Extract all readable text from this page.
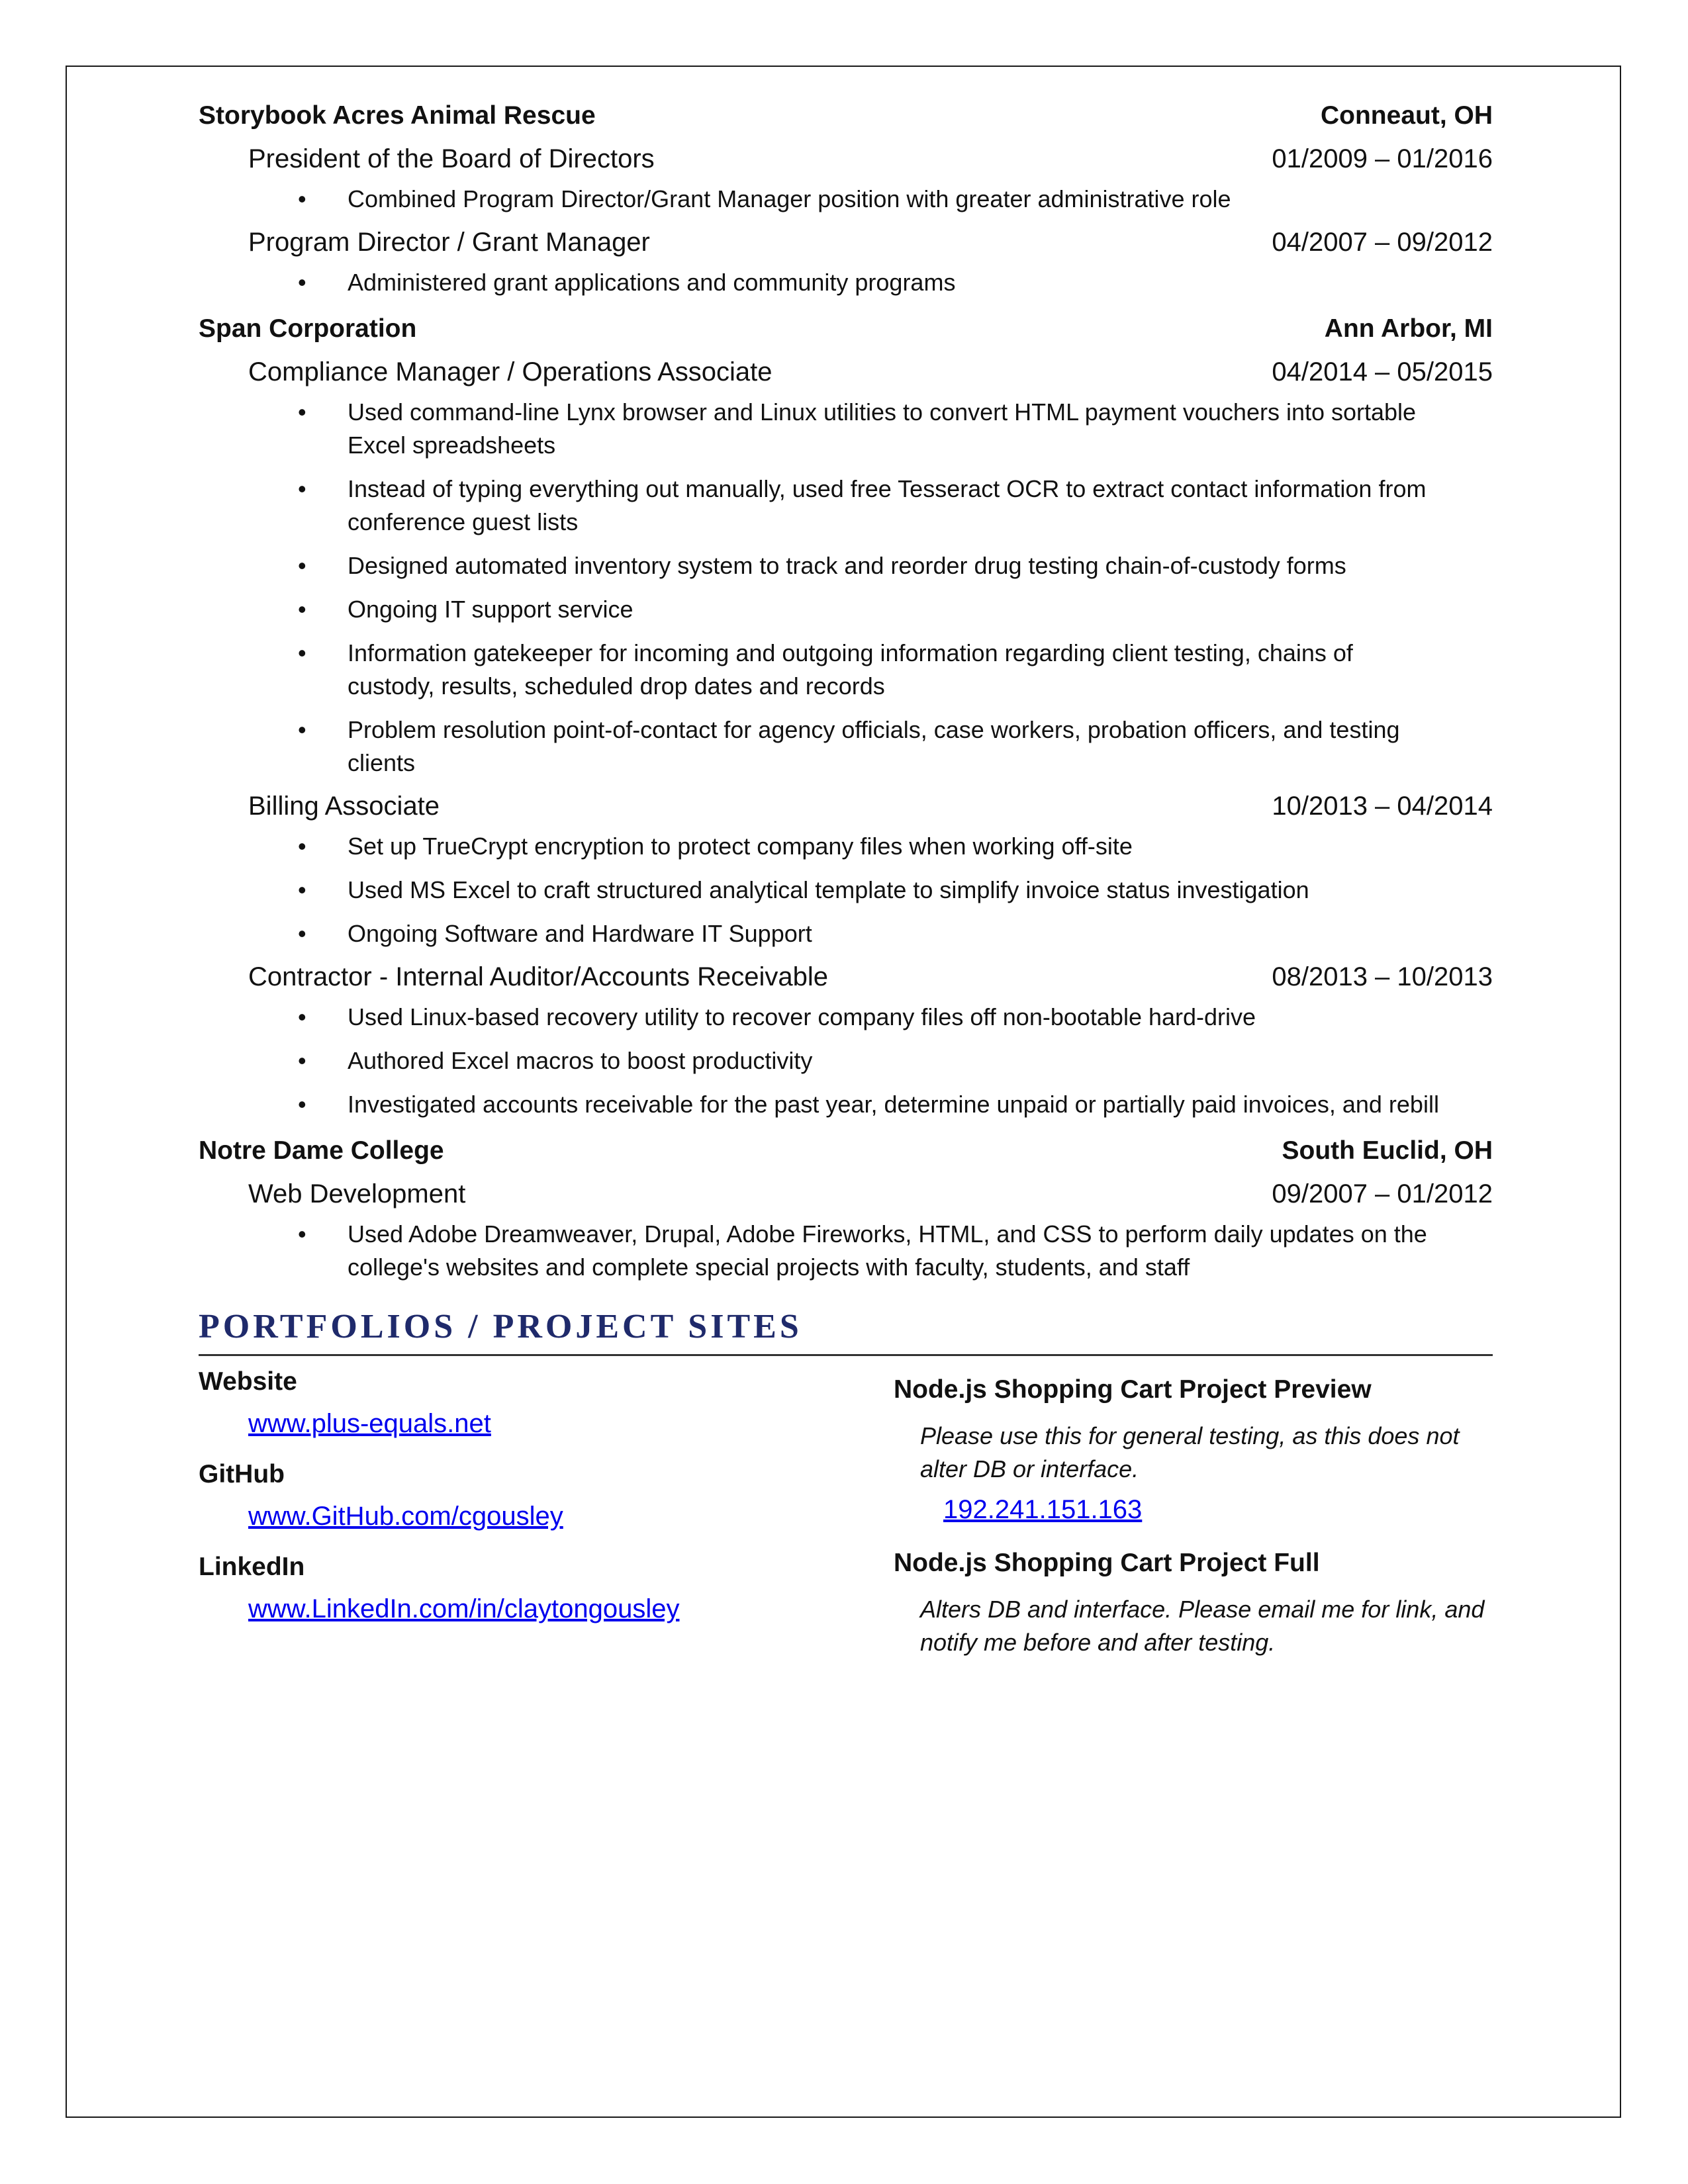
Storybook Acres Animal Rescue	Conneaut, OH
President of the Board of Directors	01/2009 – 01/2016
• Combined Program Director/Grant Manager position with greater administrative role
Program Director / Grant Manager	04/2007 – 09/2012
• Administered grant applications and community programs
Span Corporation	Ann Arbor, MI
Compliance Manager / Operations Associate	04/2014 – 05/2015
• Used command-line Lynx browser and Linux utilities to convert HTML payment vouchers into sortable Excel spreadsheets
• Instead of typing everything out manually, used free Tesseract OCR to extract contact information from conference guest lists
• Designed automated inventory system to track and reorder drug testing chain-of-custody forms
• Ongoing IT support service
• Information gatekeeper for incoming and outgoing information regarding client testing, chains of custody, results, scheduled drop dates and records
• Problem resolution point-of-contact for agency officials, case workers, probation officers, and testing clients
Billing Associate	10/2013 – 04/2014
• Set up TrueCrypt encryption to protect company files when working off-site
• Used MS Excel to craft structured analytical template to simplify invoice status investigation
• Ongoing Software and Hardware IT Support
Contractor - Internal Auditor/Accounts Receivable	08/2013 – 10/2013
• Used Linux-based recovery utility to recover company files off non-bootable hard-drive
• Authored Excel macros to boost productivity
• Investigated accounts receivable for the past year, determine unpaid or partially paid invoices, and rebill
Notre Dame College	South Euclid, OH
Web Development	09/2007 – 01/2012
• Used Adobe Dreamweaver, Drupal, Adobe Fireworks, HTML, and CSS to perform daily updates on the college's websites and complete special projects with faculty, students, and staff
PORTFOLIOS / PROJECT SITES
Website
www.plus-equals.net
GitHub
www.GitHub.com/cgousley
LinkedIn
www.LinkedIn.com/in/claytongousley
Node.js Shopping Cart Project Preview
Please use this for general testing, as this does not alter DB or interface.
192.241.151.163
Node.js Shopping Cart Project Full
Alters DB and interface. Please email me for link, and notify me before and after testing.
